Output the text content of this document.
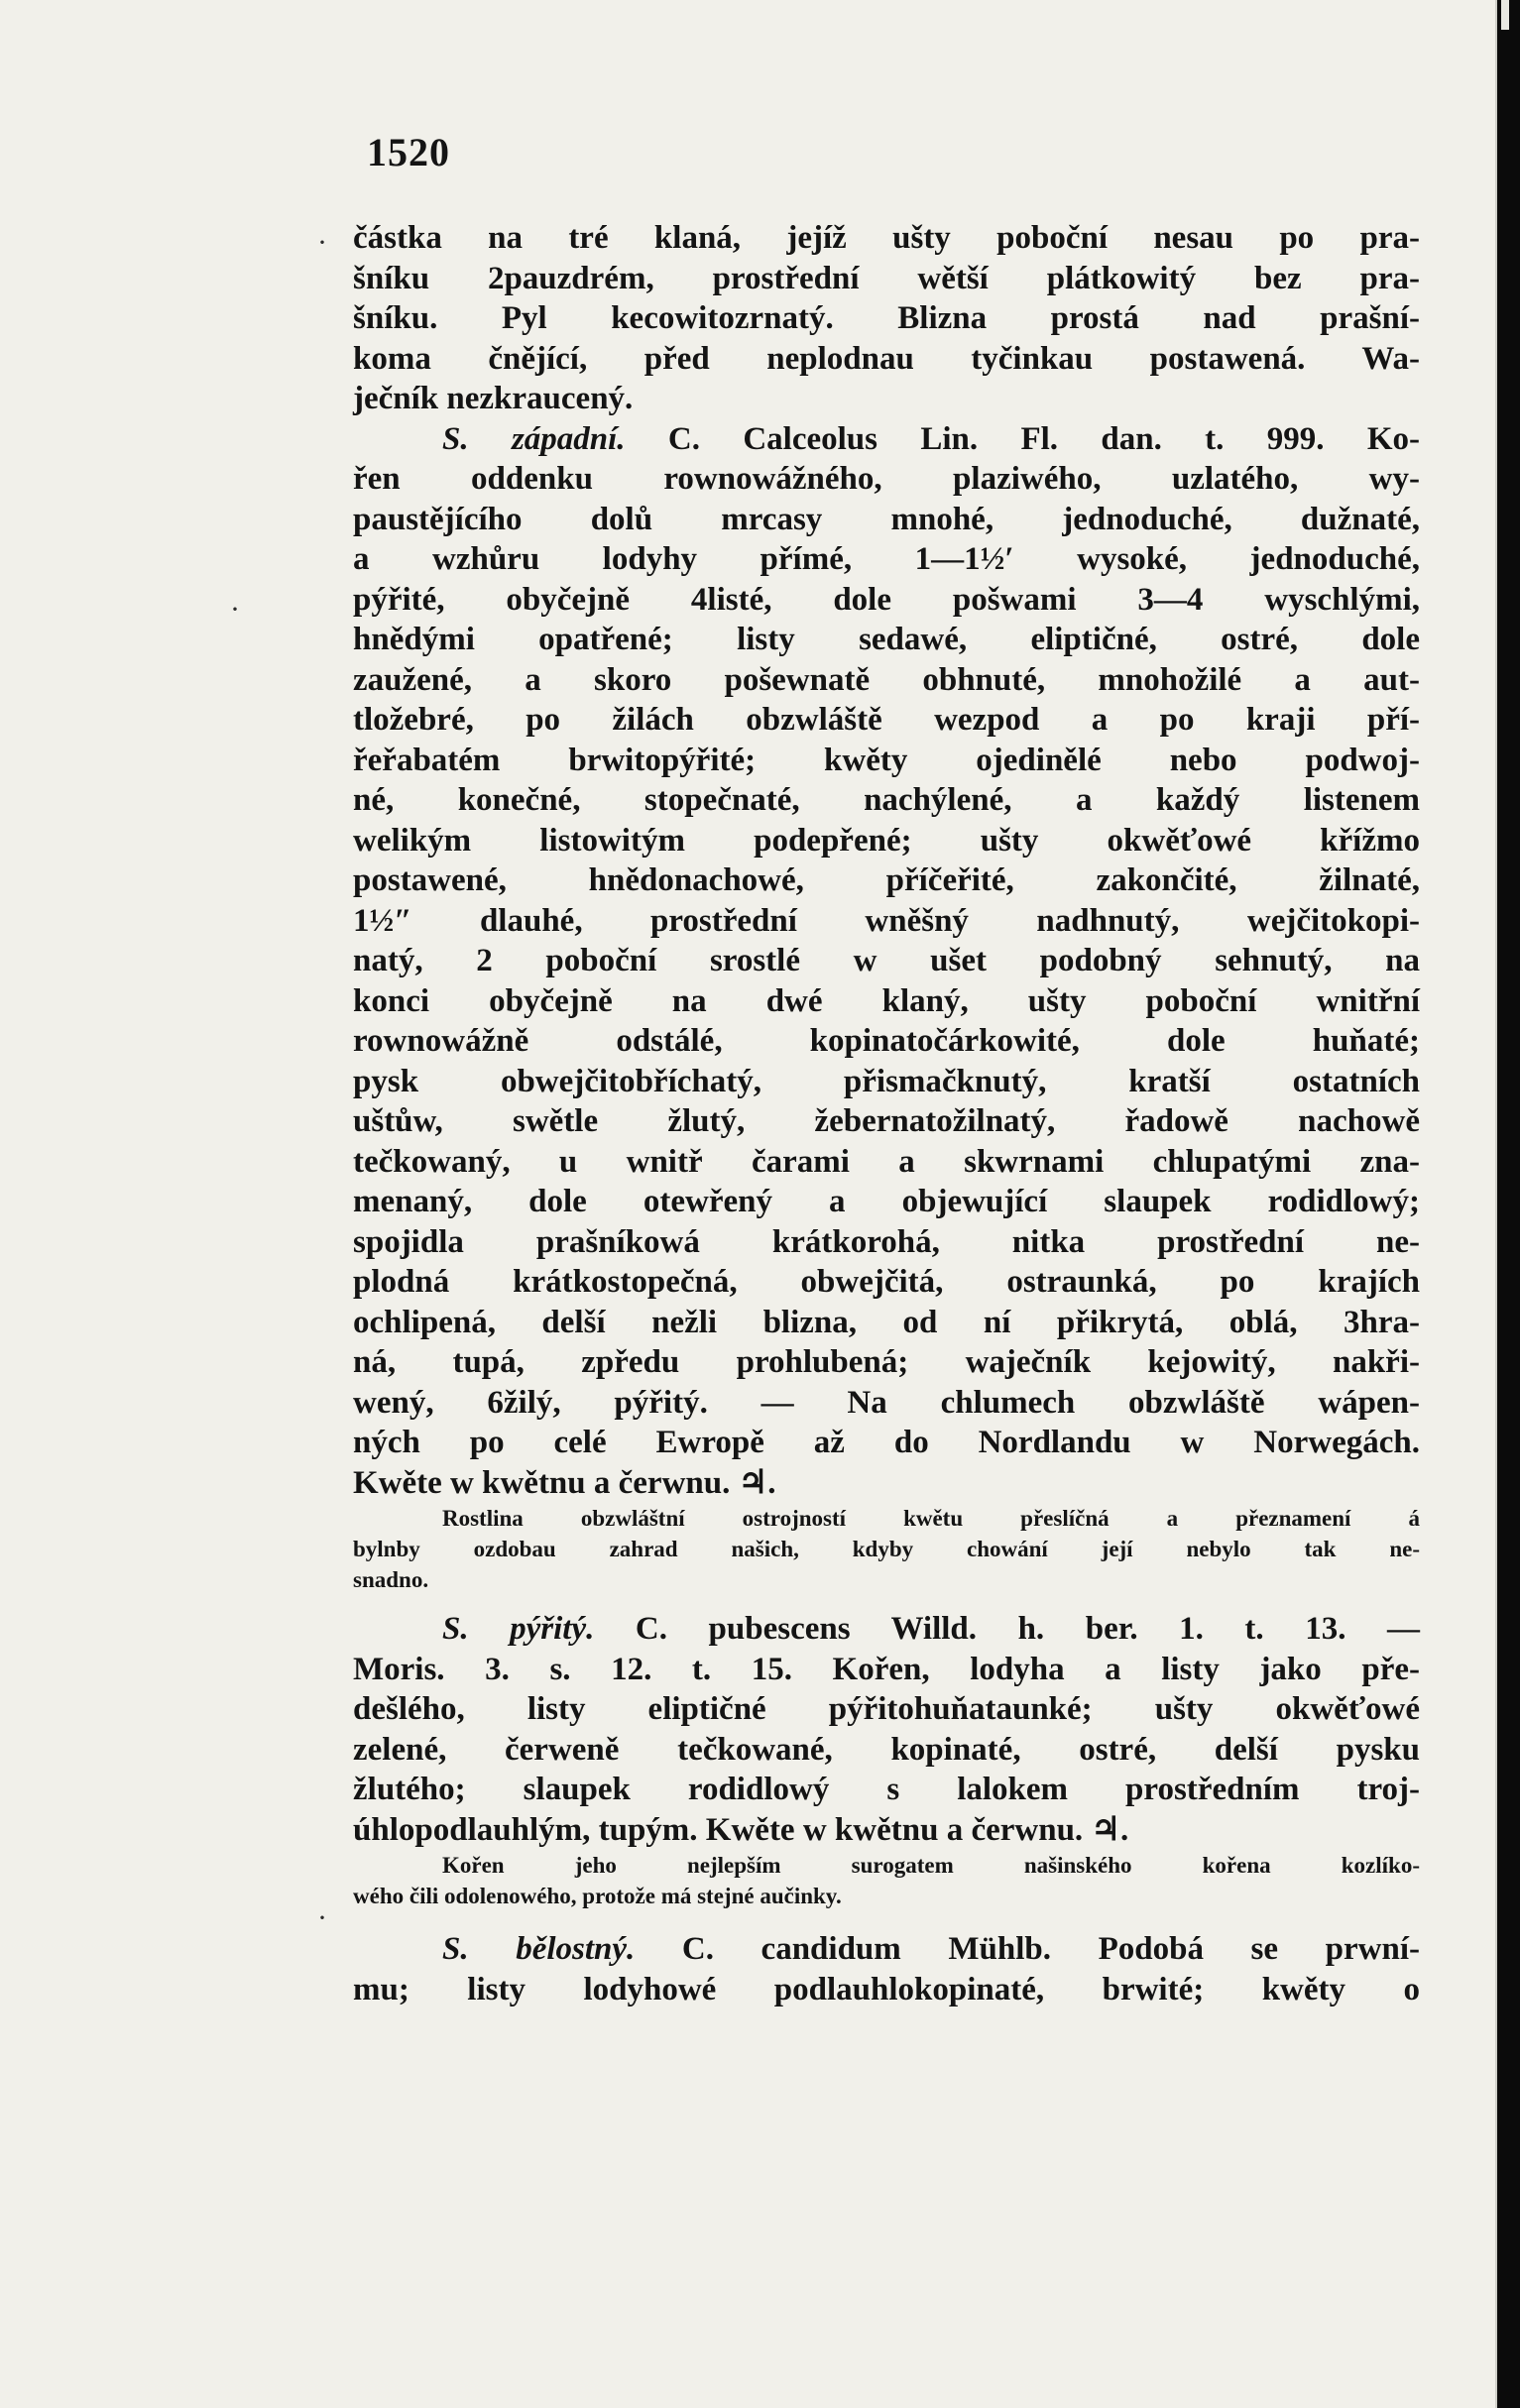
1520
·
·
·
částka na tré klaná, jejíž ušty poboční nesau po pra-
šníku 2pauzdrém, prostřední wětší plátkowitý bez pra-
šníku. Pyl kecowitozrnatý. Blizna prostá nad prašní-
koma čnějící, před neplodnau tyčinkau postawená. Wa-
ječník nezkraucený.
S. západní. C. Calceolus Lin. Fl. dan. t. 999. Ko-
řen oddenku rownowážného, plaziwého, uzlatého, wy-
paustějícího dolů mrcasy mnohé, jednoduché, dužnaté,
a wzhůru lodyhy přímé, 1—1½′ wysoké, jednoduché,
pýřité, obyčejně 4listé, dole pošwami 3—4 wyschlými,
hnědými opatřené; listy sedawé, eliptičné, ostré, dole
zaužené, a skoro pošewnatě obhnuté, mnohožilé a aut-
tložebré, po žilách obzwláště wezpod a po kraji pří-
řeřabatém brwitopýřité; kwěty ojedinělé nebo podwoj-
né, konečné, stopečnaté, nachýlené, a každý listenem
welikým listowitým podepřené; ušty okwěťowé křížmo
postawené, hnědonachowé, příčeřité, zakončité, žilnaté,
1½″ dlauhé, prostřední wněšný nadhnutý, wejčitokopi-
natý, 2 poboční srostlé w ušet podobný sehnutý, na
konci obyčejně na dwé klaný, ušty poboční wnitřní
rownowážně odstálé, kopinatočárkowité, dole huňaté;
pysk obwejčitobříchatý, přismačknutý, kratší ostatních
uštůw, swětle žlutý, žebernatožilnatý, řadowě nachowě
tečkowaný, u wnitř čarami a skwrnami chlupatými zna-
menaný, dole otewřený a objewující slaupek rodidlowý;
spojidla prašníkowá krátkorohá, nitka prostřední ne-
plodná krátkostopečná, obwejčitá, ostraunká, po krajích
ochlipená, delší nežli blizna, od ní přikrytá, oblá, 3hra-
ná, tupá, zpředu prohlubená; waječník kejowitý, nakři-
wený, 6žilý, pýřitý. — Na chlumech obzwláště wápen-
ných po celé Ewropě až do Nordlandu w Norwegách.
Kwěte w kwětnu a čerwnu. ♃.
Rostlina obzwláštní ostrojností kwětu přeslíčná a přeznamení á
bylnby ozdobau zahrad našich, kdyby chowání její nebylo tak ne-
snadno.
S. pýřitý. C. pubescens Willd. h. ber. 1. t. 13. —
Moris. 3. s. 12. t. 15. Kořen, lodyha a listy jako pře-
dešlého, listy eliptičné pýřitohuňataunké; ušty okwěťowé
zelené, čerweně tečkowané, kopinaté, ostré, delší pysku
žlutého; slaupek rodidlowý s lalokem prostředním troj-
úhlopodlauhlým, tupým. Kwěte w kwětnu a čerwnu. ♃.
Kořen jeho nejlepším surogatem našinského kořena kozlíko-
wého čili odolenowého, protože má stejné aučinky.
S. bělostný. C. candidum Mühlb. Podobá se prwní-
mu; listy lodyhowé podlauhlokopinaté, brwité; kwěty o
